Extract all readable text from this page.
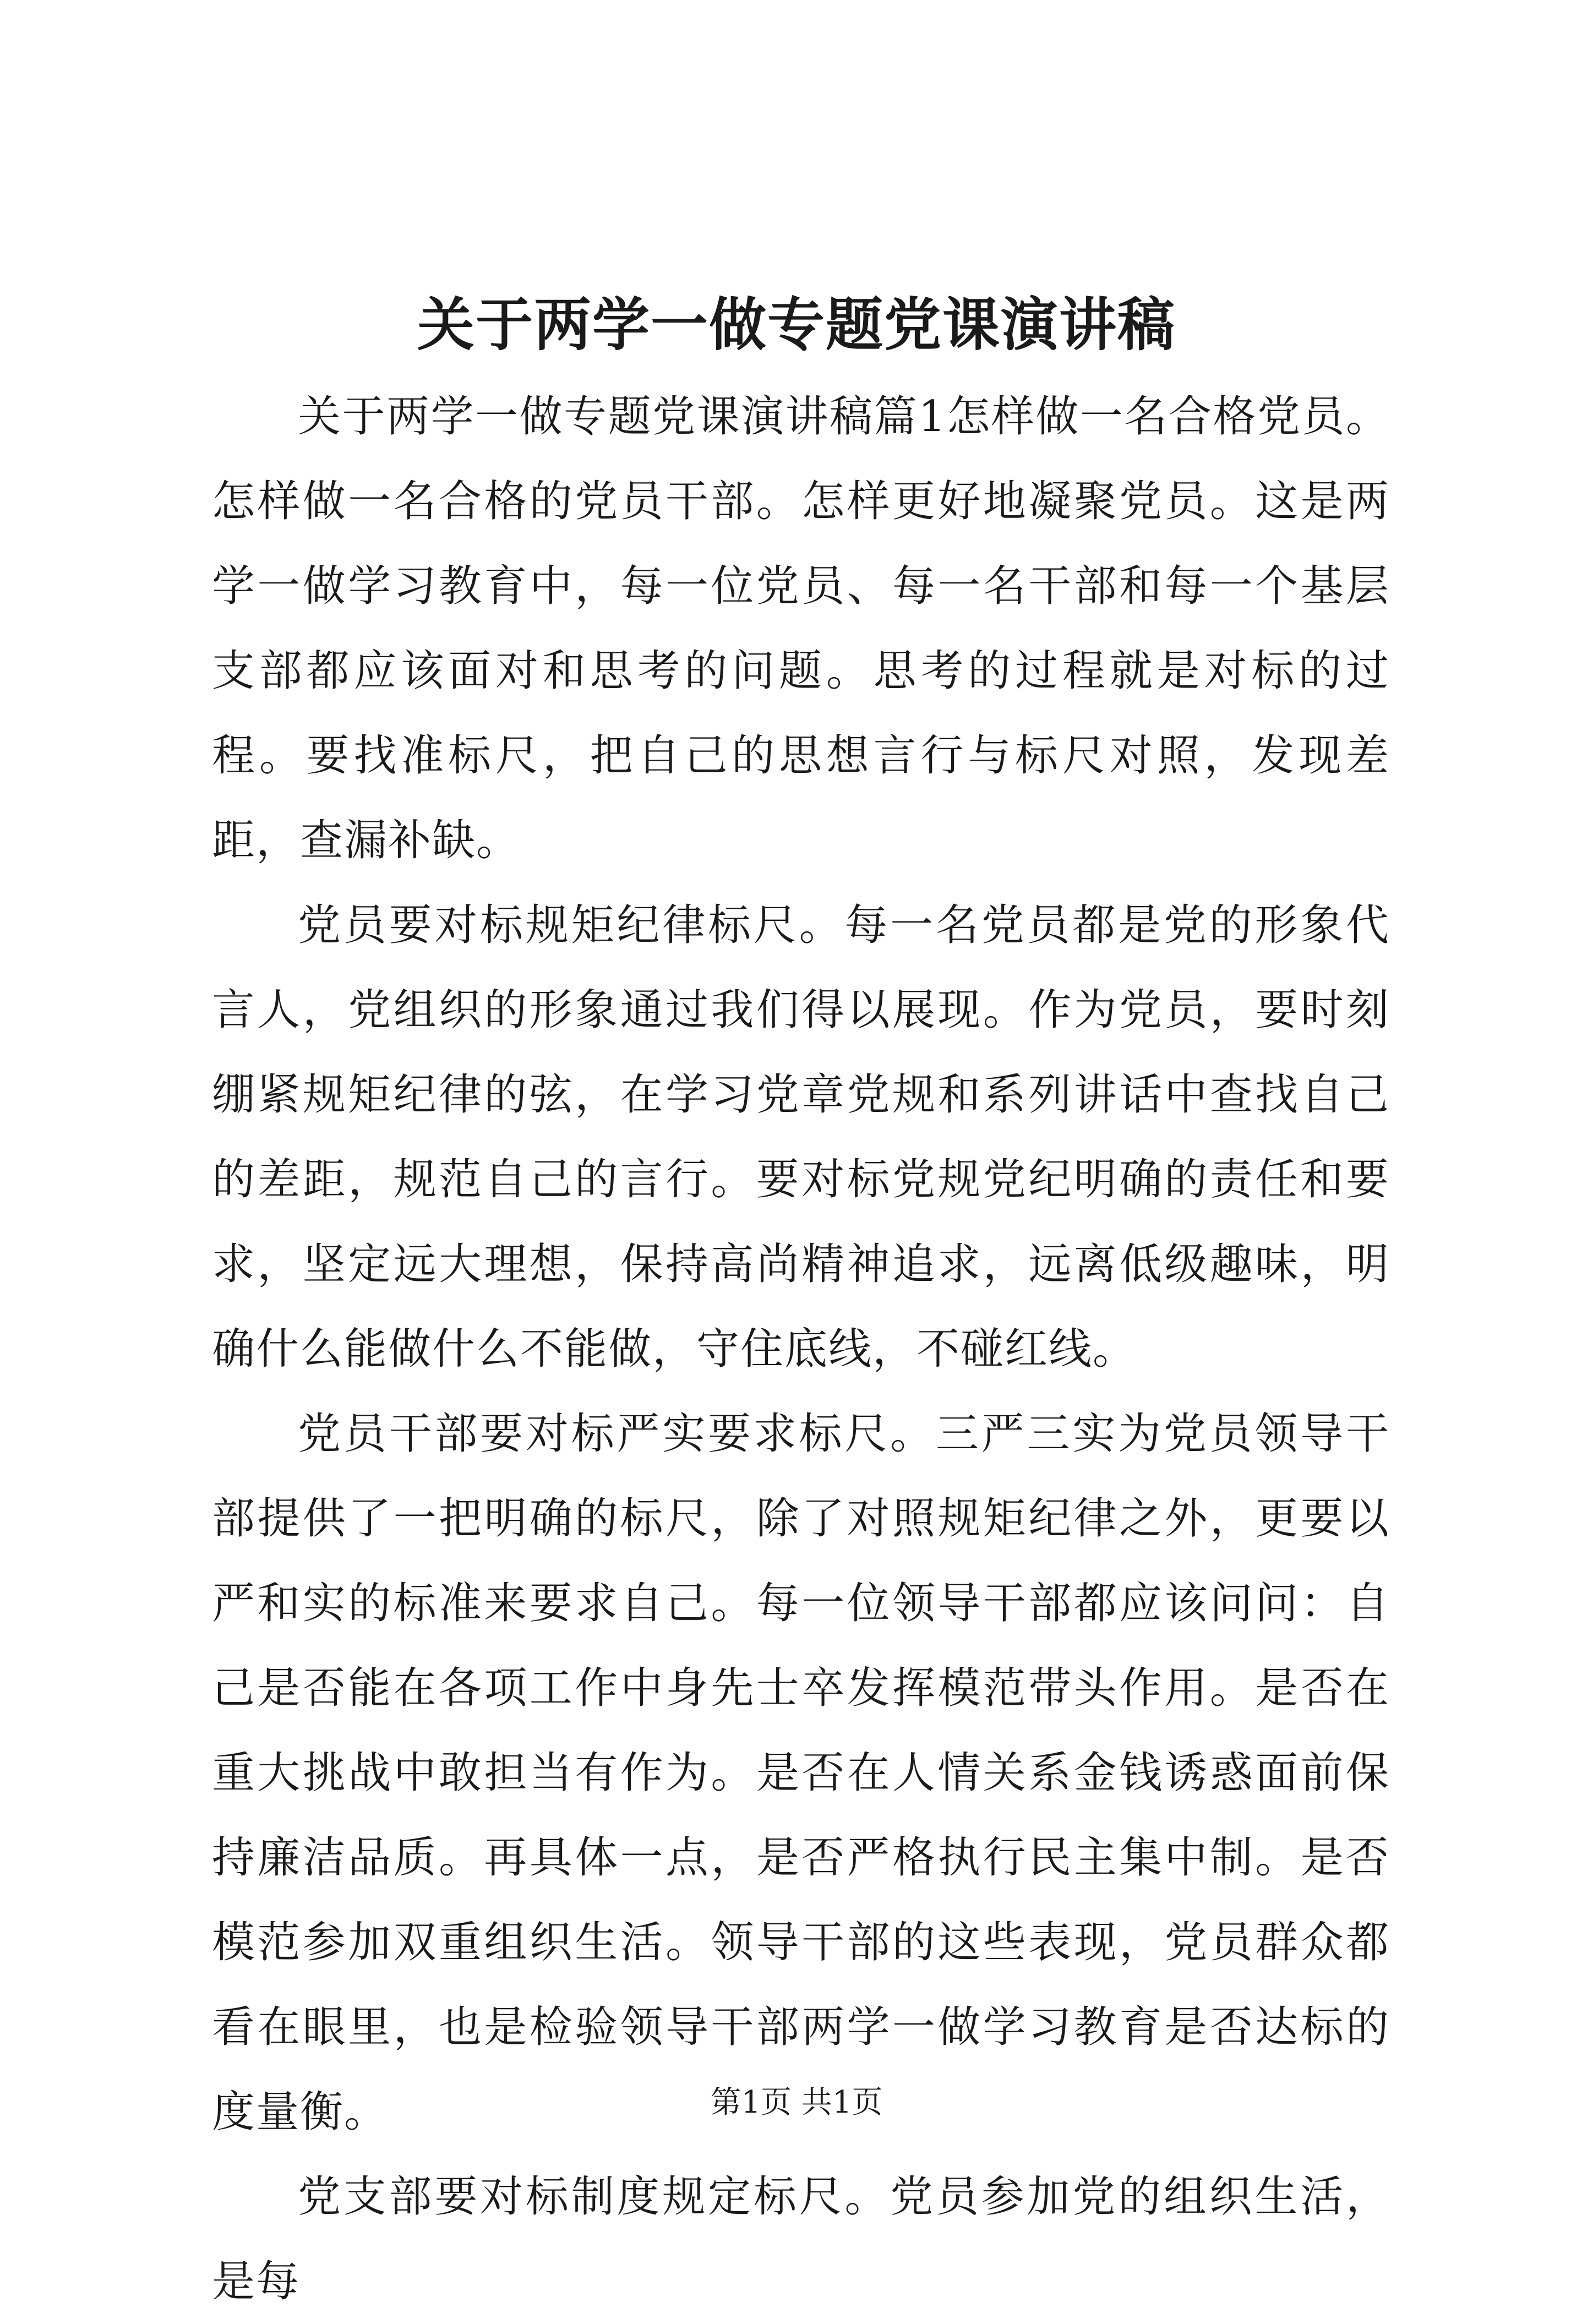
关于两学一做专题党课演讲稿

关于两学一做专题党课演讲稿篇1怎样做一名合格党员。怎样做一名合格的党员干部。怎样更好地凝聚党员。这是两学一做学习教育中，每一位党员、每一名干部和每一个基层支部都应该面对和思考的问题。思考的过程就是对标的过程。要找准标尺，把自己的思想言行与标尺对照，发现差距，查漏补缺。

党员要对标规矩纪律标尺。每一名党员都是党的形象代言人，党组织的形象通过我们得以展现。作为党员，要时刻绷紧规矩纪律的弦，在学习党章党规和系列讲话中查找自己的差距，规范自己的言行。要对标党规党纪明确的责任和要求，坚定远大理想，保持高尚精神追求，远离低级趣味，明确什么能做什么不能做，守住底线，不碰红线。

党员干部要对标严实要求标尺。三严三实为党员领导干部提供了一把明确的标尺，除了对照规矩纪律之外，更要以严和实的标准来要求自己。每一位领导干部都应该问问：自己是否能在各项工作中身先士卒发挥模范带头作用。是否在重大挑战中敢担当有作为。是否在人情关系金钱诱惑面前保持廉洁品质。再具体一点，是否严格执行民主集中制。是否模范参加双重组织生活。领导干部的这些表现，党员群众都看在眼里，也是检验领导干部两学一做学习教育是否达标的度量衡。

党支部要对标制度规定标尺。党员参加党的组织生活，是每

第1页 共1页
